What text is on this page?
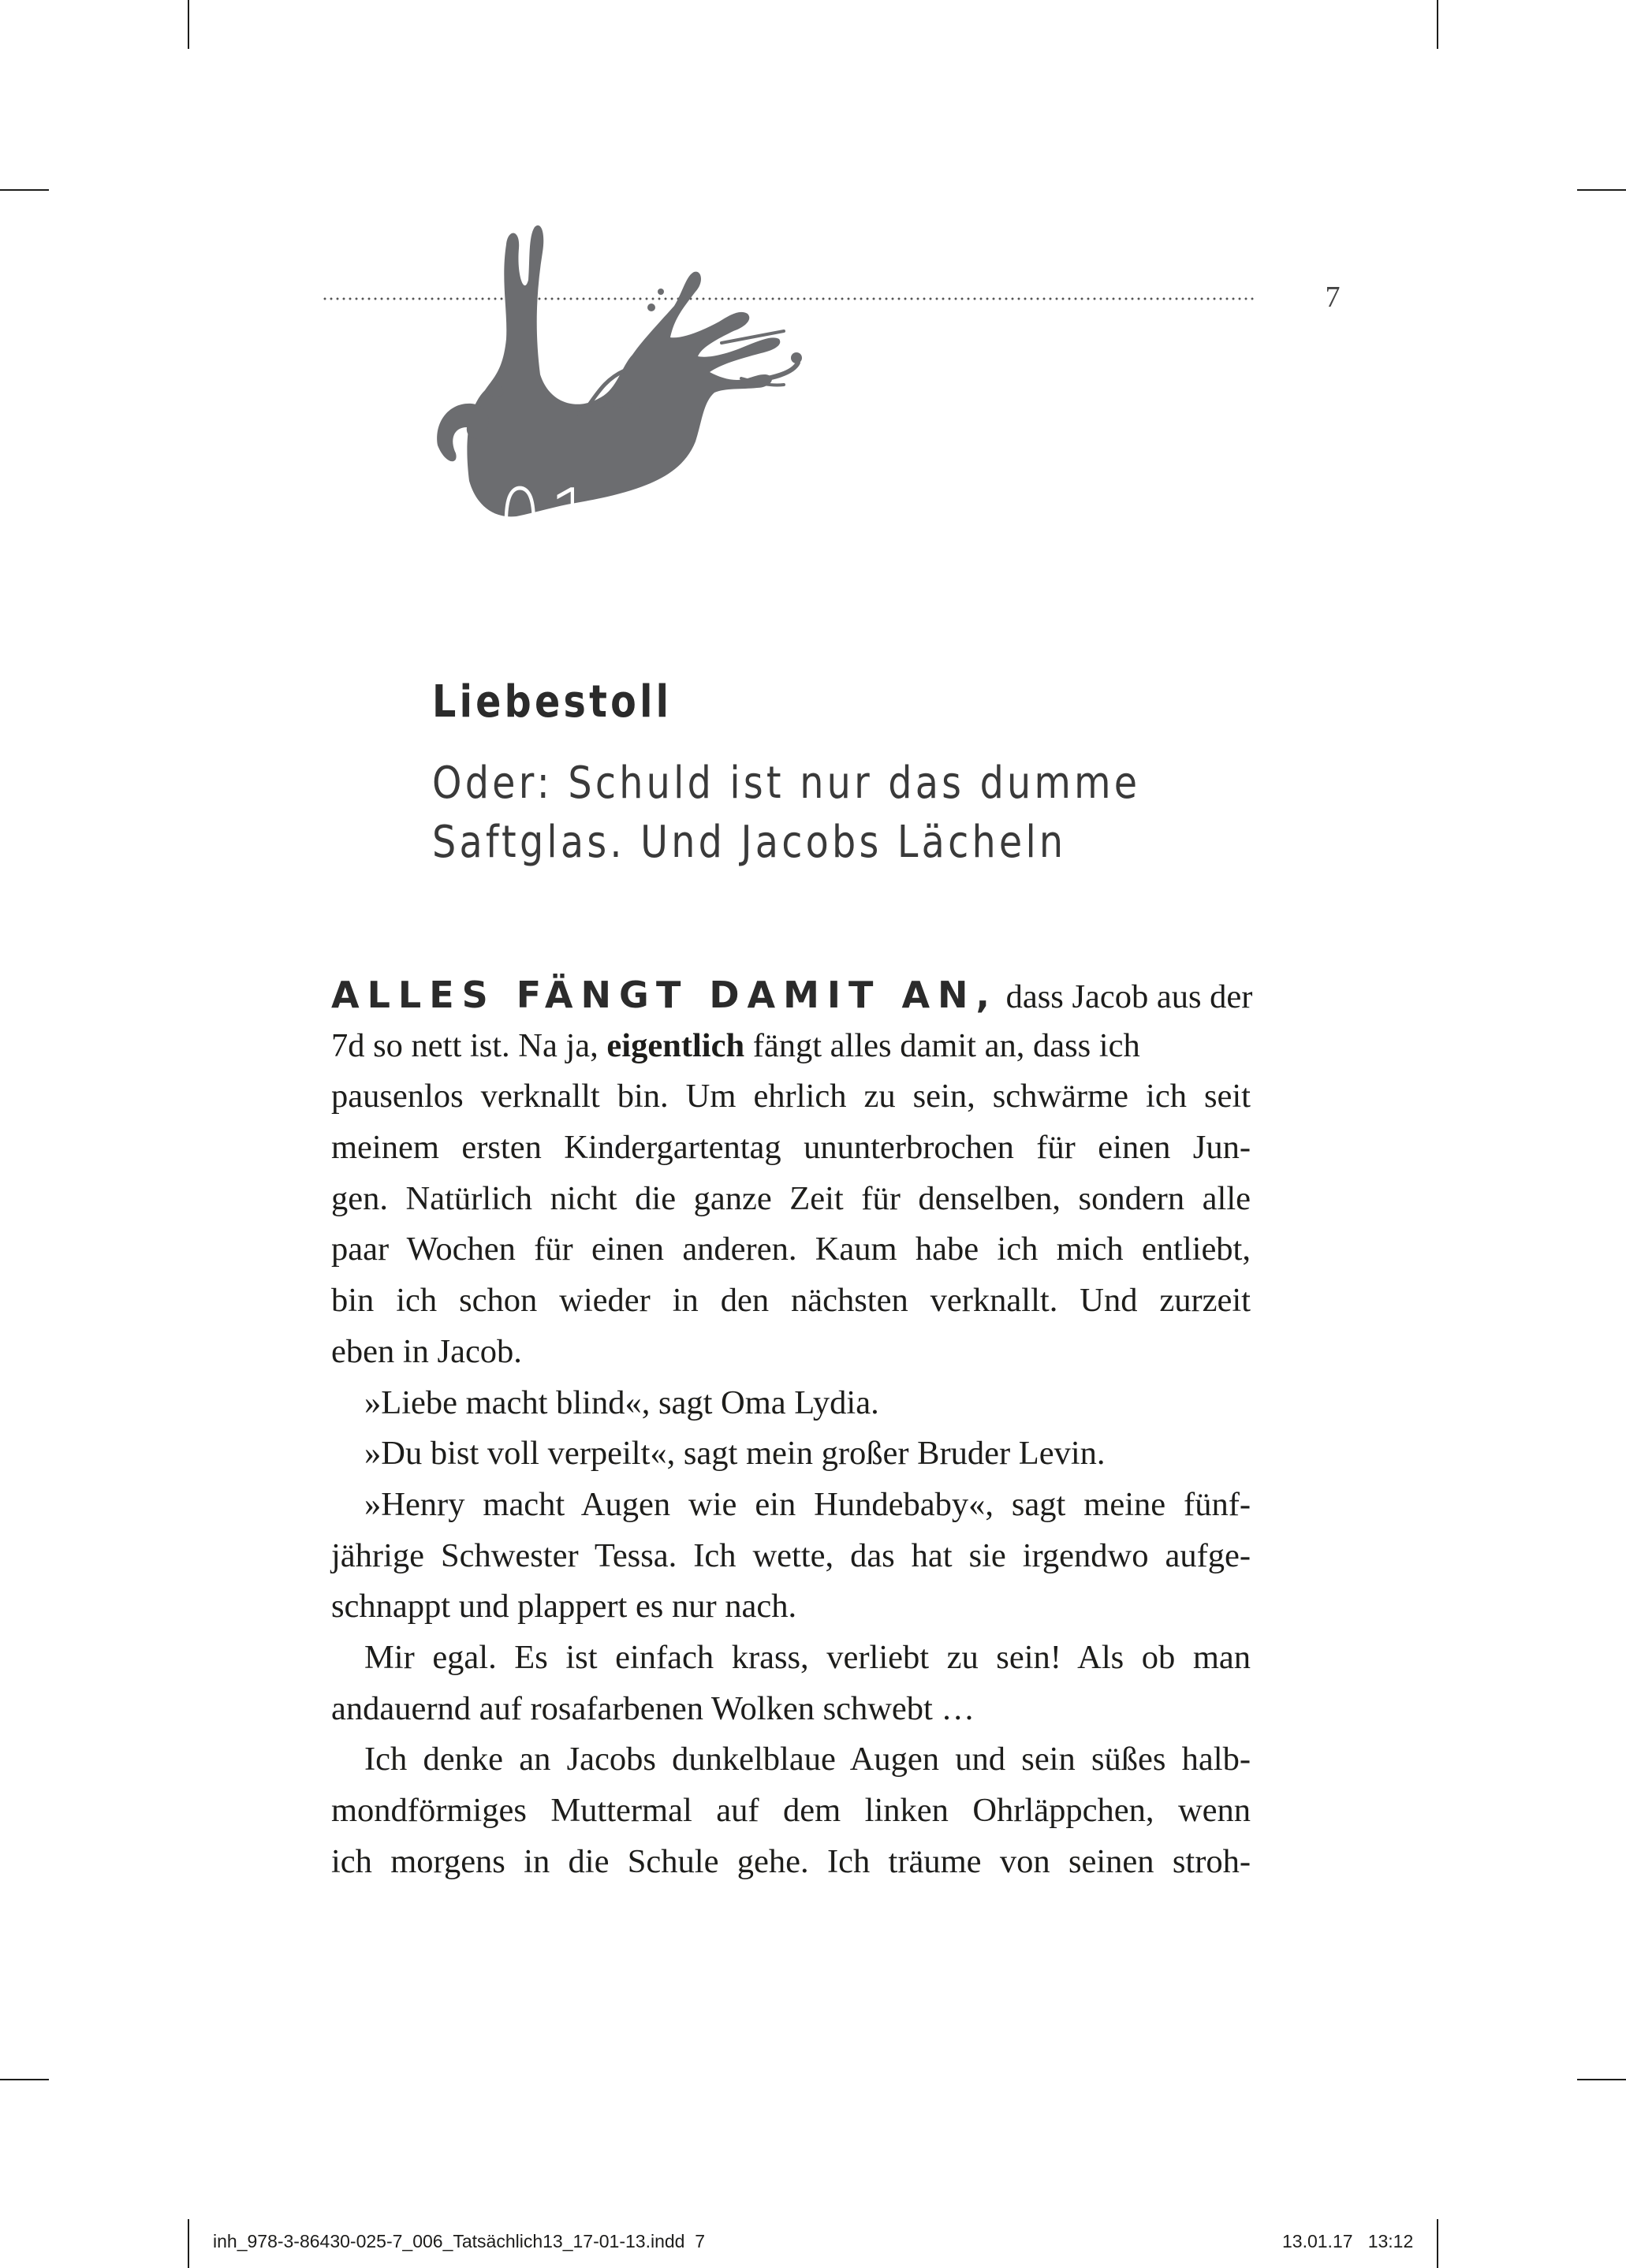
7
01
Liebestoll
Oder: Schuld ist nur das dumme
Saftglas. Und Jacobs Lächeln
ALLES FÄNGT DAMIT AN, dass Jacob aus der
7d so nett ist. Na ja, eigentlich fängt alles damit an, dass ich
pausenlos verknallt bin. Um ehrlich zu sein, schwärme ich seit
meinem ersten Kindergartentag ununterbrochen für einen Jun-
gen. Natürlich nicht die ganze Zeit für denselben, sondern alle
paar Wochen für einen anderen. Kaum habe ich mich entliebt,
bin ich schon wieder in den nächsten verknallt. Und zurzeit
eben in Jacob.
»Liebe macht blind«, sagt Oma Lydia.
»Du bist voll verpeilt«, sagt mein großer Bruder Levin.
»Henry macht Augen wie ein Hundebaby«, sagt meine fünf-
jährige Schwester Tessa. Ich wette, das hat sie irgendwo aufge-
schnappt und plappert es nur nach.
Mir egal. Es ist einfach krass, verliebt zu sein! Als ob man
andauernd auf rosafarbenen Wolken schwebt …
Ich denke an Jacobs dunkelblaue Augen und sein süßes halb-
mondförmiges Muttermal auf dem linken Ohrläppchen, wenn
ich morgens in die Schule gehe. Ich träume von seinen stroh-
inh_978-3-86430-025-7_006_Tatsächlich13_17-01-13.indd 7	13.01.17 13:12
